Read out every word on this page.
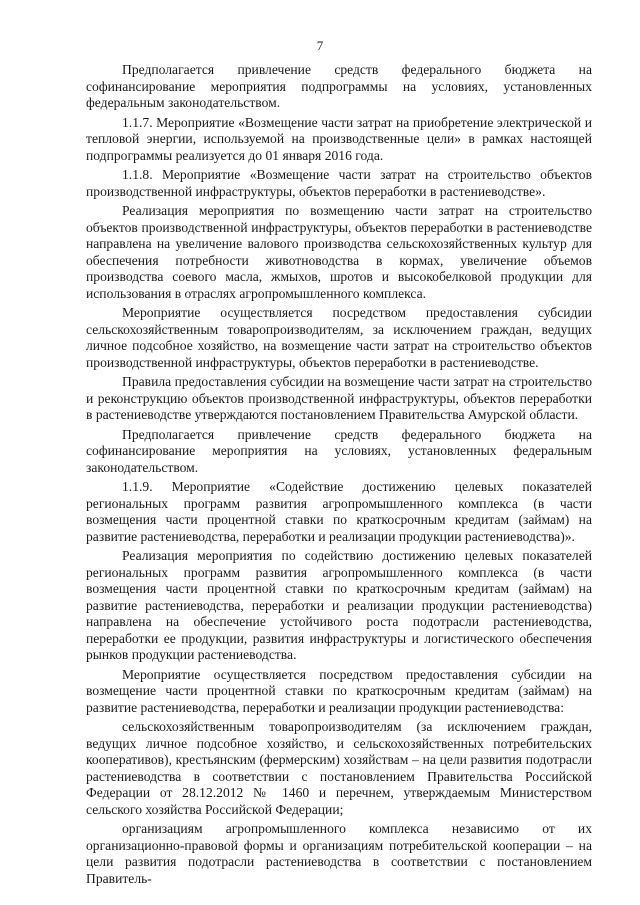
7

Предполагается привлечение средств федерального бюджета на софинансирование мероприятия подпрограммы на условиях, установленных федеральным законодательством.

1.1.7. Мероприятие «Возмещение части затрат на приобретение электрической и тепловой энергии, используемой на производственные цели» в рамках настоящей подпрограммы реализуется до 01 января 2016 года.

1.1.8. Мероприятие «Возмещение части затрат на строительство объектов производственной инфраструктуры, объектов переработки в растениеводстве».

Реализация мероприятия по возмещению части затрат на строительство объектов производственной инфраструктуры, объектов переработки в растениеводстве направлена на увеличение валового производства сельскохозяйственных культур для обеспечения потребности животноводства в кормах, увеличение объемов производства соевого масла, жмыхов, шротов и высокобелковой продукции для использования в отраслях агропромышленного комплекса.

Мероприятие осуществляется посредством предоставления субсидии сельскохозяйственным товаропроизводителям, за исключением граждан, ведущих личное подсобное хозяйство, на возмещение части затрат на строительство объектов производственной инфраструктуры, объектов переработки в растениеводстве.

Правила предоставления субсидии на возмещение части затрат на строительство и реконструкцию объектов производственной инфраструктуры, объектов переработки в растениеводстве утверждаются постановлением Правительства Амурской области.

Предполагается привлечение средств федерального бюджета на софинансирование мероприятия на условиях, установленных федеральным законодательством.

1.1.9. Мероприятие «Содействие достижению целевых показателей региональных программ развития агропромышленного комплекса (в части возмещения части процентной ставки по краткосрочным кредитам (займам) на развитие растениеводства, переработки и реализации продукции растениеводства)».

Реализация мероприятия по содействию достижению целевых показателей региональных программ развития агропромышленного комплекса (в части возмещения части процентной ставки по краткосрочным кредитам (займам) на развитие растениеводства, переработки и реализации продукции растениеводства) направлена на обеспечение устойчивого роста подотрасли растениеводства, переработки ее продукции, развития инфраструктуры и логистического обеспечения рынков продукции растениеводства.

Мероприятие осуществляется посредством предоставления субсидии на возмещение части процентной ставки по краткосрочным кредитам (займам) на развитие растениеводства, переработки и реализации продукции растениеводства:

сельскохозяйственным товаропроизводителям (за исключением граждан, ведущих личное подсобное хозяйство, и сельскохозяйственных потребительских кооперативов), крестьянским (фермерским) хозяйствам – на цели развития подотрасли растениеводства в соответствии с постановлением Правительства Российской Федерации от 28.12.2012 № 1460 и перечнем, утверждаемым Министерством сельского хозяйства Российской Федерации;

организациям агропромышленного комплекса независимо от их организационно-правовой формы и организациям потребительской кооперации – на цели развития подотрасли растениеводства в соответствии с постановлением Правитель-
